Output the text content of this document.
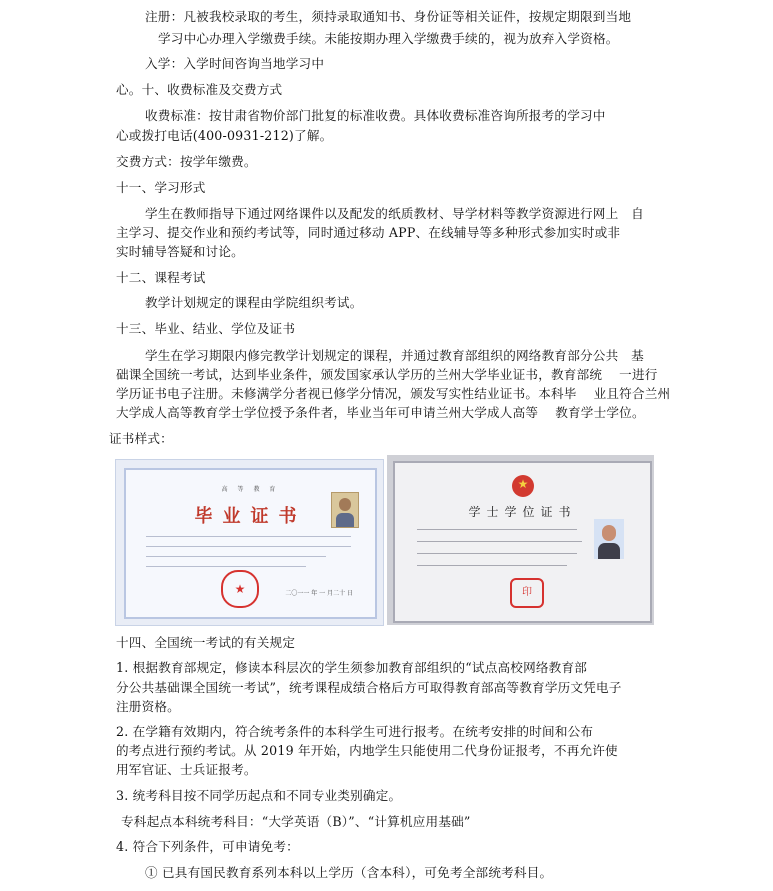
注册：凡被我校录取的考生，须持录取通知书、身份证等相关证件，按规定期限到当地
学习中心办理入学缴费手续。未能按期办理入学缴费手续的，视为放弃入学资格。
入学：入学时间咨询当地学习中
心。十、收费标准及交费方式
收费标准：按甘肃省物价部门批复的标准收费。具体收费标准咨询所报考的学习中
心或拨打电话(400-0931-212)了解。
交费方式：按学年缴费。
十一、学习形式
学生在教师指导下通过网络课件以及配发的纸质教材、导学材料等教学资源进行网上　自
主学习、提交作业和预约考试等，同时通过移动 APP、在线辅导等多种形式参加实时或非
实时辅导答疑和讨论。
十二、课程考试
教学计划规定的课程由学院组织考试。
十三、毕业、结业、学位及证书
学生在学习期限内修完教学计划规定的课程，并通过教育部组织的网络教育部分公共　基
础课全国统一考试，达到毕业条件，颁发国家承认学历的兰州大学毕业证书，教育部统　 一进行
学历证书电子注册。未修满学分者视已修学分情况，颁发写实性结业证书。本科毕　 业且符合兰州
大学成人高等教育学士学位授予条件者，毕业当年可申请兰州大学成人高等　 教育学士学位。
证书样式：
高 等 教 育
毕业证书
★	二〇一一 年 一 月二十 日
★
学士学位证书
印
十四、全国统一考试的有关规定
1. 根据教育部规定，修读本科层次的学生须参加教育部组织的“试点高校网络教育部
分公共基础课全国统一考试”，统考课程成绩合格后方可取得教育部高等教育学历文凭电子
注册资格。
2. 在学籍有效期内，符合统考条件的本科学生可进行报考。在统考安排的时间和公布
的考点进行预约考试。从 2019 年开始，内地学生只能使用二代身份证报考，不再允许使
用军官证、士兵证报考。
3. 统考科目按不同学历起点和不同专业类别确定。
专科起点本科统考科目：“大学英语（B）”、“计算机应用基础”
4. 符合下列条件，可申请免考：
① 已具有国民教育系列本科以上学历（含本科），可免考全部统考科目。
